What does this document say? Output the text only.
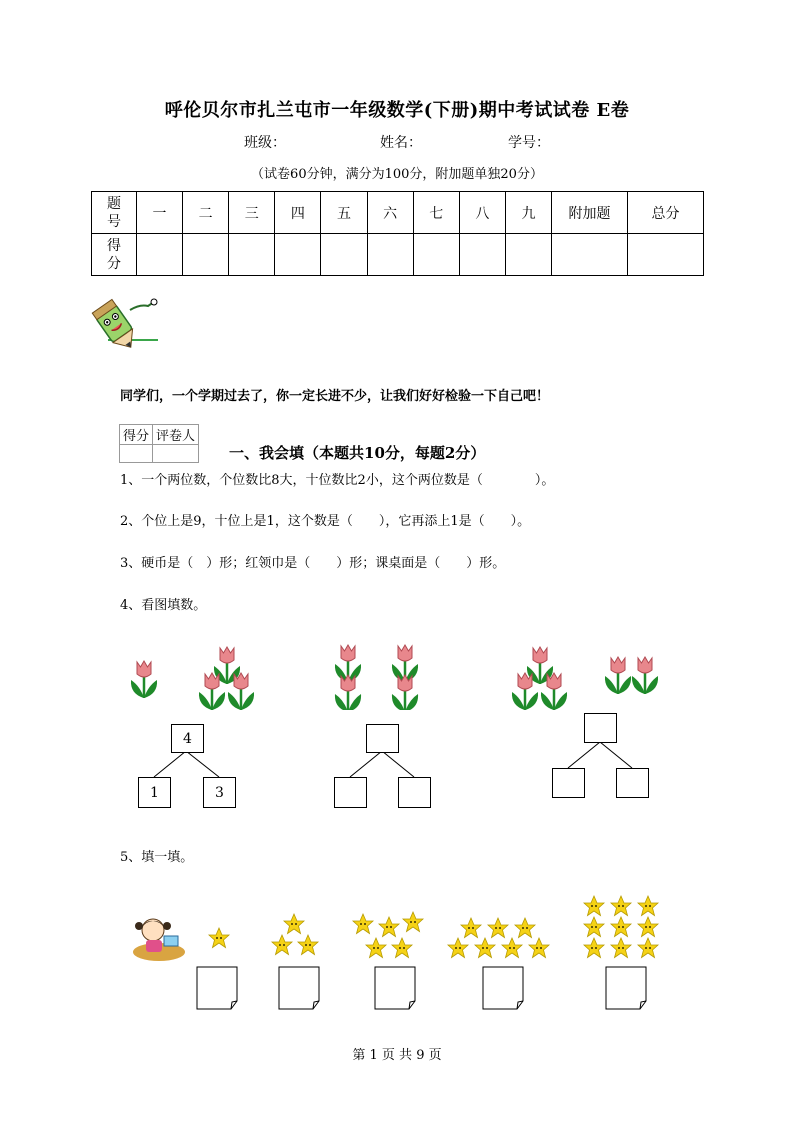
呼伦贝尔市扎兰屯市一年级数学(下册)期中考试试卷 E卷
班级：	姓名：	学号：
（试卷60分钟，满分为100分，附加题单独20分）
题号	一	二	三	四	五	六	七	八	九	附加题	总分
得分											
同学们，一个学期过去了，你一定长进不少，让我们好好检验一下自己吧！
得分	评卷人

一、我会填（本题共10分，每题2分）
1、一个两位数，个位数比8大，十位数比2小，这个两位数是（　　　　）。
2、个位上是9，十位上是1，这个数是（　　），它再添上1是（　　）。
3、硬币是（　）形；红领巾是（　　）形；课桌面是（　　）形。
4、看图填数。
4
1	3
5、填一填。
第 1 页 共 9 页
